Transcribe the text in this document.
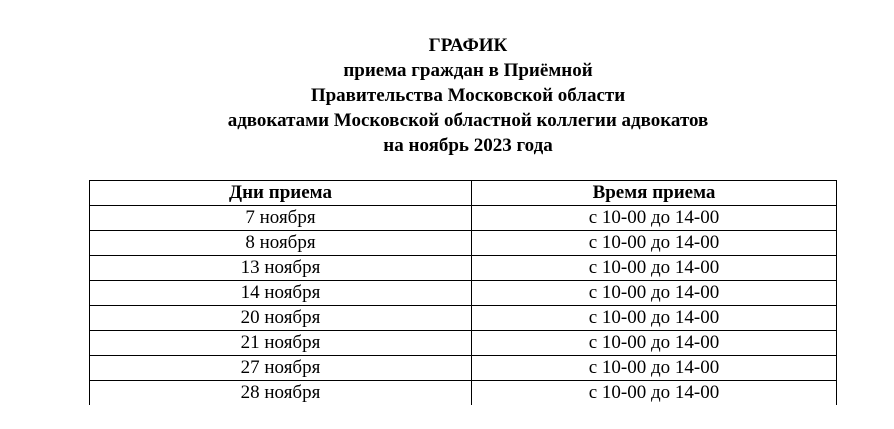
ГРАФИК
приема граждан в Приёмной
Правительства Московской области
адвокатами Московской областной коллегии адвокатов
на ноябрь 2023 года
Дни приема	Время приема
7 ноября	с 10-00 до 14-00
8 ноября	с 10-00 до 14-00
13 ноября	с 10-00 до 14-00
14 ноября	с 10-00 до 14-00
20 ноября	с 10-00 до 14-00
21 ноября	с 10-00 до 14-00
27 ноября	с 10-00 до 14-00
28 ноября	с 10-00 до 14-00
